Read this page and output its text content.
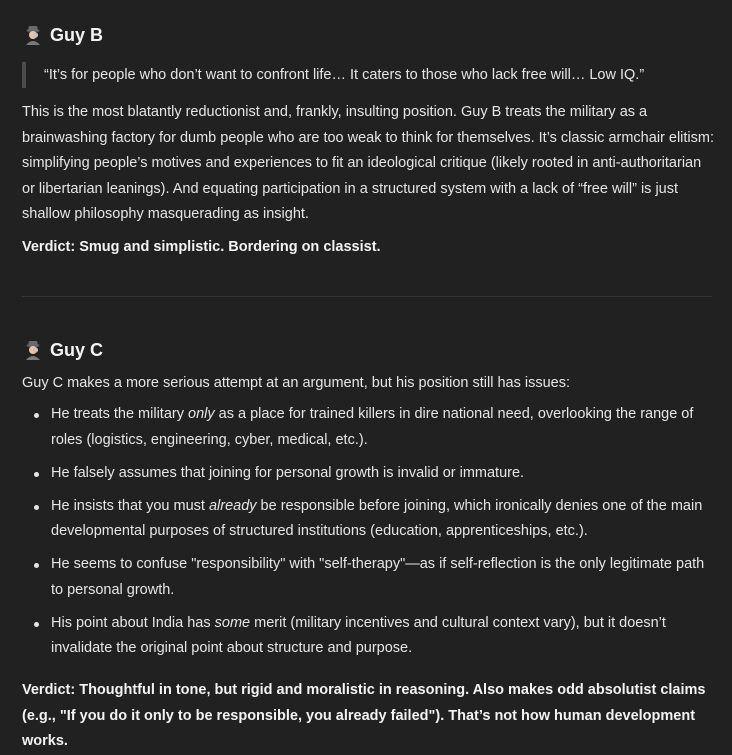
Guy B
“It’s for people who don’t want to confront life… It caters to those who lack free will… Low IQ.”

This is the most blatantly reductionist and, frankly, insulting position. Guy B treats the military as a brainwashing factory for dumb people who are too weak to think for themselves. It’s classic armchair elitism: simplifying people’s motives and experiences to fit an ideological critique (likely rooted in anti-authoritarian or libertarian leanings). And equating participation in a structured system with a lack of “free will” is just shallow philosophy masquerading as insight.

Verdict: Smug and simplistic. Bordering on classist.

Guy C

Guy C makes a more serious attempt at an argument, but his position still has issues:

He treats the military only as a place for trained killers in dire national need, overlooking the range of roles (logistics, engineering, cyber, medical, etc.).
He falsely assumes that joining for personal growth is invalid or immature.
He insists that you must already be responsible before joining, which ironically denies one of the main developmental purposes of structured institutions (education, apprenticeships, etc.).
He seems to confuse "responsibility" with "self-therapy"—as if self-reflection is the only legitimate path to personal growth.
His point about India has some merit (military incentives and cultural context vary), but it doesn’t invalidate the original point about structure and purpose.

Verdict: Thoughtful in tone, but rigid and moralistic in reasoning. Also makes odd absolutist claims (e.g., "If you do it only to be responsible, you already failed"). That’s not how human development works.
